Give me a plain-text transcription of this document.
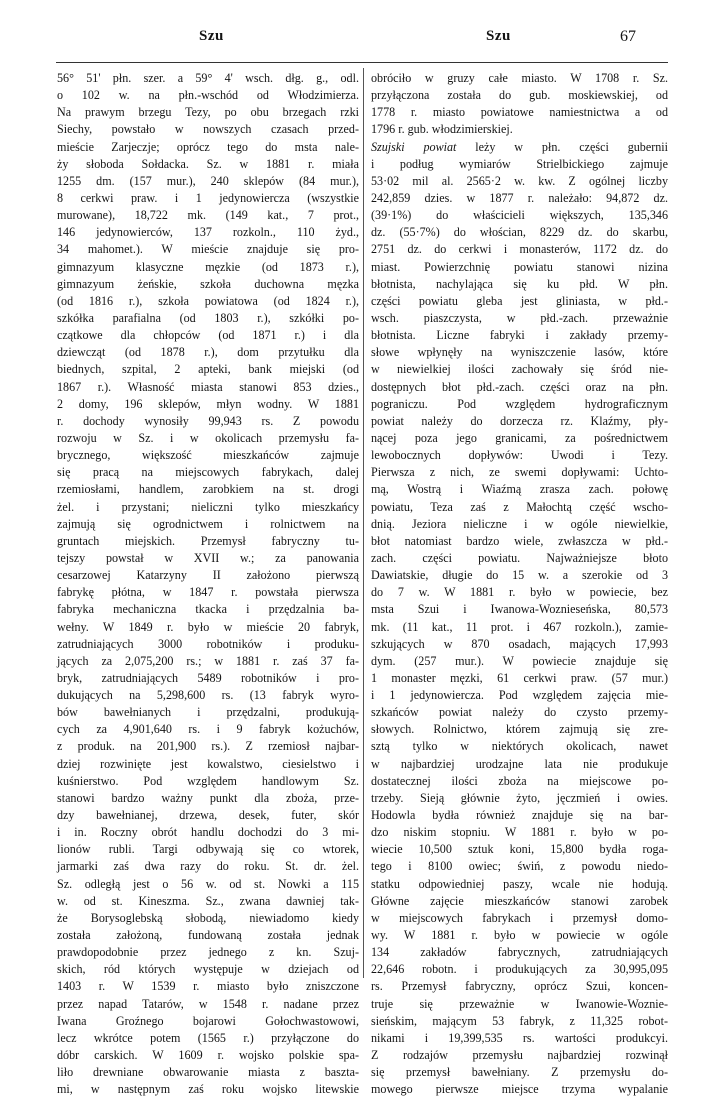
Szu	Szu	67
56° 51' płn. szer. a 59° 4' wsch. dłg. g., odl.
o 102 w. na płn.-wschód od Włodzimierza.
Na prawym brzegu Tezy, po obu brzegach rzki
Siechy, powstało w nowszych czasach przed-
mieście Zarjeczje; oprócz tego do msta nale-
ży słoboda Sołdacka. Sz. w 1881 r. miała
1255 dm. (157 mur.), 240 sklepów (84 mur.),
8 cerkwi praw. i 1 jedynowiercza (wszystkie
murowane), 18,722 mk. (149 kat., 7 prot.,
146 jedynowierców, 137 rozkoln., 110 żyd.,
34 mahomet.). W mieście znajduje się pro-
gimnazyum klasyczne męzkie (od 1873 r.),
gimnazyum żeńskie, szkoła duchowna męzka
(od 1816 r.), szkoła powiatowa (od 1824 r.),
szkółka parafialna (od 1803 r.), szkółki po-
czątkowe dla chłopców (od 1871 r.) i dla
dziewcząt (od 1878 r.), dom przytułku dla
biednych, szpital, 2 apteki, bank miejski (od
1867 r.). Własność miasta stanowi 853 dzies.,
2 domy, 196 sklepów, młyn wodny. W 1881
r. dochody wynosiły 99,943 rs. Z powodu
rozwoju w Sz. i w okolicach przemysłu fa-
brycznego, większość mieszkańców zajmuje
się pracą na miejscowych fabrykach, dalej
rzemiosłami, handlem, zarobkiem na st. drogi
żel. i przystani; nieliczni tylko mieszkańcy
zajmują się ogrodnictwem i rolnictwem na
gruntach miejskich. Przemysł fabryczny tu-
tejszy powstał w XVII w.; za panowania
cesarzowej Katarzyny II założono pierwszą
fabrykę płótna, w 1847 r. powstała pierwsza
fabryka mechaniczna tkacka i przędzalnia ba-
wełny. W 1849 r. było w mieście 20 fabryk,
zatrudniających 3000 robotników i produku-
jących za 2,075,200 rs.; w 1881 r. zaś 37 fa-
bryk, zatrudniających 5489 robotników i pro-
dukujących na 5,298,600 rs. (13 fabryk wyro-
bów bawełnianych i przędzalni, produkują-
cych za 4,901,640 rs. i 9 fabryk kożuchów,
z produk. na 201,900 rs.). Z rzemiosł najbar-
dziej rozwinięte jest kowalstwo, ciesielstwo i
kuśnierstwo. Pod względem handlowym Sz.
stanowi bardzo ważny punkt dla zboża, prze-
dzy bawełnianej, drzewa, desek, futer, skór
i in. Roczny obrót handlu dochodzi do 3 mi-
lionów rubli. Targi odbywają się co wtorek,
jarmarki zaś dwa razy do roku. St. dr. żel.
Sz. odległą jest o 56 w. od st. Nowki a 115
w. od st. Kineszma. Sz., zwana dawniej tak-
że Borysoglebską słobodą, niewiadomo kiedy
została założoną, fundowaną została jednak
prawdopodobnie przez jednego z kn. Szuj-
skich, ród których występuje w dziejach od
1403 r. W 1539 r. miasto było zniszczone
przez napad Tatarów, w 1548 r. nadane przez
Iwana Groźnego bojarowi Gołochwastowowi,
lecz wkrótce potem (1565 r.) przyłączone do
dóbr carskich. W 1609 r. wojsko polskie spa-
liło drewniane obwarowanie miasta z baszta-
mi, w następnym zaś roku wojsko litewskie
obróciło w gruzy całe miasto. W 1708 r. Sz.
przyłączona została do gub. moskiewskiej, od
1778 r. miasto powiatowe namiestnictwa a od
1796 r. gub. włodzimierskiej.
Szujski powiat leży w płn. części gubernii
i podług wymiarów Strielbickiego zajmuje
53·02 mil al. 2565·2 w. kw. Z ogólnej liczby
242,859 dzies. w 1877 r. należało: 94,872 dz.
(39·1%) do właścicieli większych, 135,346
dz. (55·7%) do włościan, 8229 dz. do skarbu,
2751 dz. do cerkwi i monasterów, 1172 dz. do
miast. Powierzchnię powiatu stanowi nizina
błotnista, nachylająca się ku płd. W płn.
części powiatu gleba jest gliniasta, w płd.-
wsch. piaszczysta, w płd.-zach. przeważnie
błotnista. Liczne fabryki i zakłady przemy-
słowe wpłynęły na wyniszczenie lasów, które
w niewielkiej ilości zachowały się śród nie-
dostępnych błot płd.-zach. części oraz na płn.
pograniczu. Pod względem hydrograficznym
powiat należy do dorzecza rz. Klaźmy, pły-
nącej poza jego granicami, za pośrednictwem
lewobocznych dopływów: Uwodi i Tezy.
Pierwsza z nich, ze swemi dopływami: Uchto-
mą, Wostrą i Wiaźmą zrasza zach. połowę
powiatu, Teza zaś z Małochtą część wscho-
dnią. Jeziora nieliczne i w ogóle niewielkie,
błot natomiast bardzo wiele, zwłaszcza w płd.-
zach. części powiatu. Najważniejsze błoto
Dawiatskie, długie do 15 w. a szerokie od 3
do 7 w. W 1881 r. było w powiecie, bez
msta Szui i Iwanowa-Woznieseńska, 80,573
mk. (11 kat., 11 prot. i 467 rozkoln.), zamie-
szkujących w 870 osadach, mających 17,993
dym. (257 mur.). W powiecie znajduje się
1 monaster męzki, 61 cerkwi praw. (57 mur.)
i 1 jedynowiercza. Pod względem zajęcia mie-
szkańców powiat należy do czysto przemy-
słowych. Rolnictwo, którem zajmują się zre-
sztą tylko w niektórych okolicach, nawet
w najbardziej urodzajne lata nie produkuje
dostatecznej ilości zboża na miejscowe po-
trzeby. Sieją głównie żyto, jęczmień i owies.
Hodowla bydła również znajduje się na bar-
dzo niskim stopniu. W 1881 r. było w po-
wiecie 10,500 sztuk koni, 15,800 bydła roga-
tego i 8100 owiec; świń, z powodu niedo-
statku odpowiedniej paszy, wcale nie hodują.
Główne zajęcie mieszkańców stanowi zarobek
w miejscowych fabrykach i przemysł domo-
wy. W 1881 r. było w powiecie w ogóle
134 zakładów fabrycznych, zatrudniających
22,646 robotn. i produkujących za 30,995,095
rs. Przemysł fabryczny, oprócz Szui, koncen-
truje się przeważnie w Iwanowie-Woznie-
sieńskim, mającym 53 fabryk, z 11,325 robot-
nikami i 19,399,535 rs. wartości produkcyi.
Z rodzajów przemysłu najbardziej rozwinął
się przemysł bawełniany. Z przemysłu do-
mowego pierwsze miejsce trzyma wypalanie
